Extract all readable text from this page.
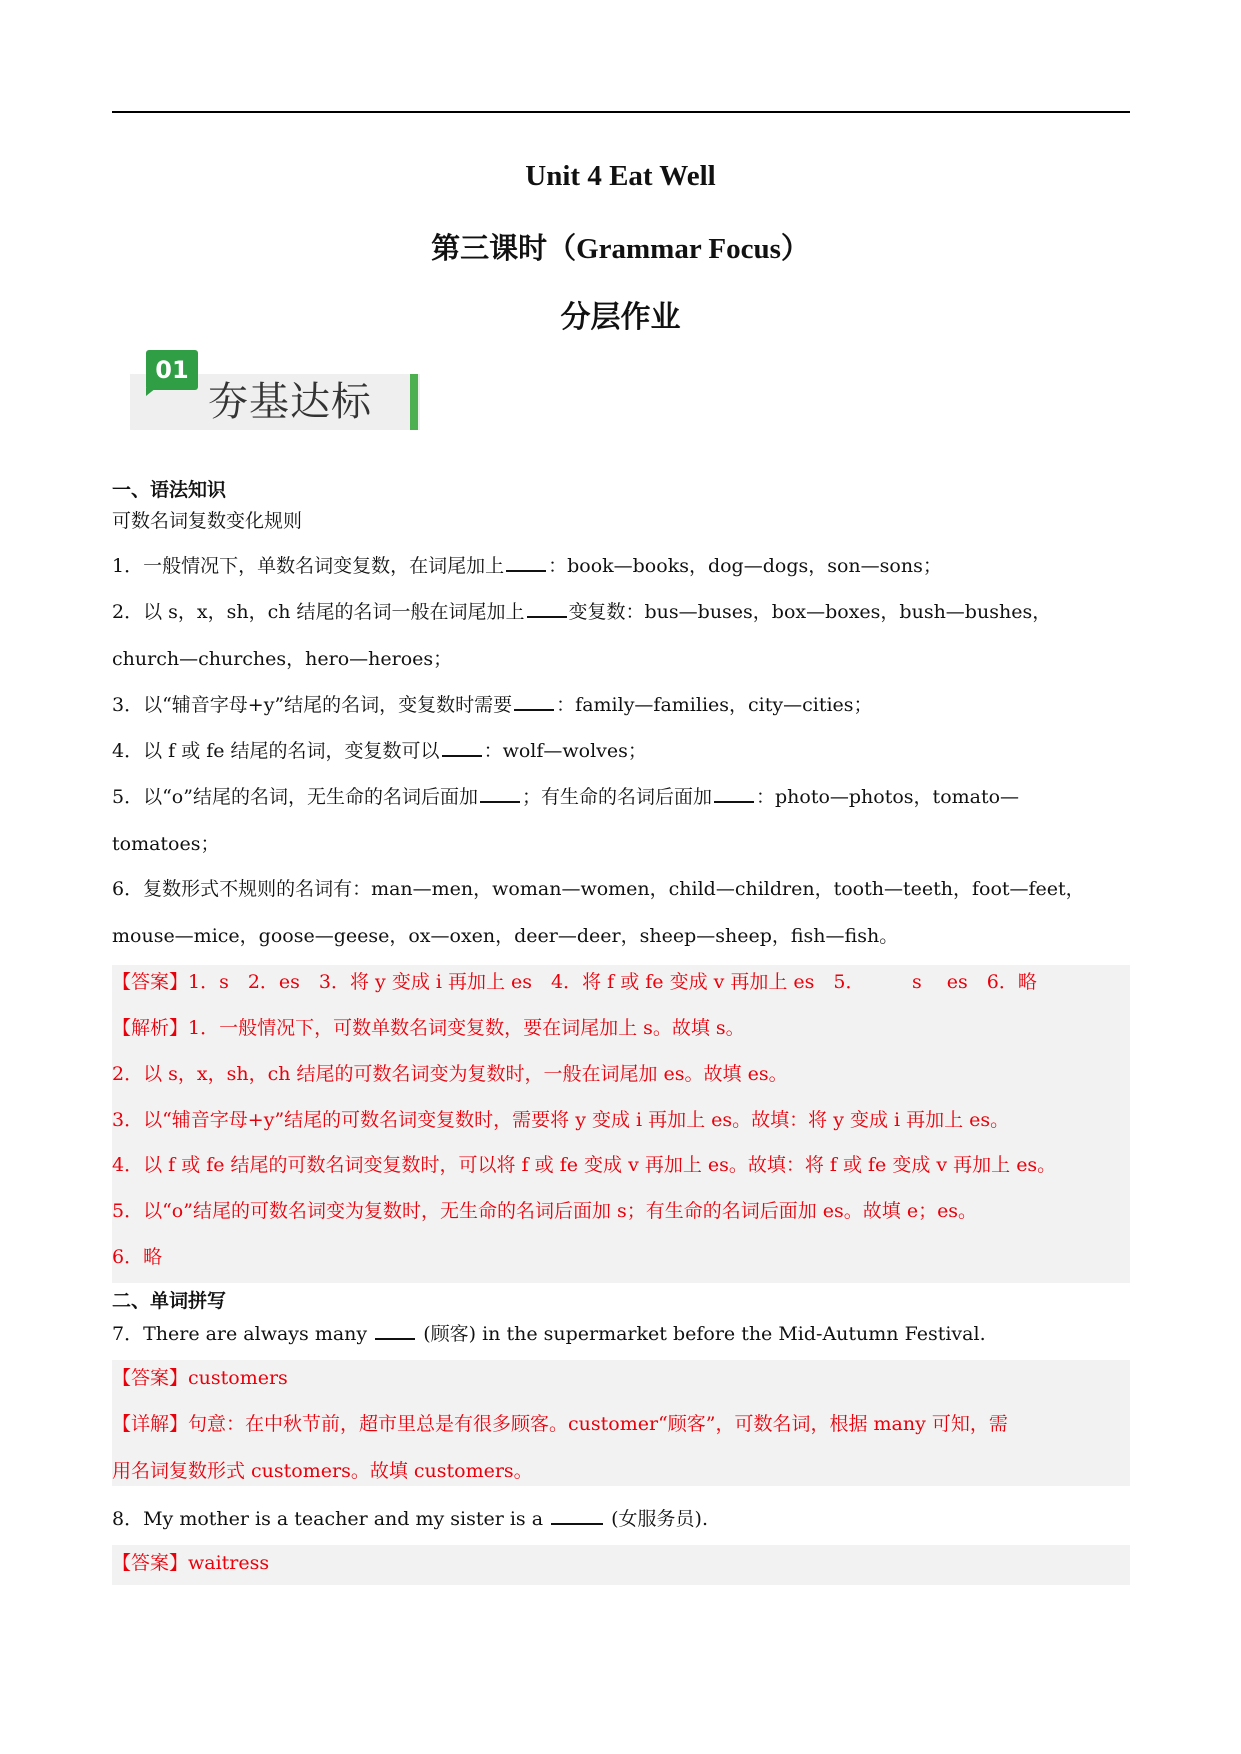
Unit 4 Eat Well
第三课时（Grammar Focus）
分层作业
01
夯基达标
一、语法知识
可数名词复数变化规则
1．一般情况下，单数名词变复数，在词尾加上 ：book—books，dog—dogs，son—sons；
2．以 s，x，sh，ch 结尾的名词一般在词尾加上 变复数：bus—buses，box—boxes，bush—bushes，
church—churches，hero—heroes；
3．以“辅音字母+y”结尾的名词，变复数时需要 ：family—families，city—cities；
4．以 f 或 fe 结尾的名词，变复数可以 ：wolf—wolves；
5．以“o”结尾的名词，无生命的名词后面加 ；有生命的名词后面加 ：photo—photos，tomato—
tomatoes；
6．复数形式不规则的名词有：man—men，woman—women，child—children，tooth—teeth，foot—feet，
mouse—mice，goose—geese，ox—oxen，deer—deer，sheep—sheep，fish—fish。
【答案】1．s　2．es　3．将 y 变成 i 再加上 es　4．将 f 或 fe 变成 v 再加上 es　5．　　　s　 es　6．略
【解析】1．一般情况下，可数单数名词变复数，要在词尾加上 s。故填 s。
2．以 s，x，sh，ch 结尾的可数名词变为复数时，一般在词尾加 es。故填 es。
3．以“辅音字母+y”结尾的可数名词变复数时，需要将 y 变成 i 再加上 es。故填：将 y 变成 i 再加上 es。
4．以 f 或 fe 结尾的可数名词变复数时，可以将 f 或 fe 变成 v 再加上 es。故填：将 f 或 fe 变成 v 再加上 es。
5．以“o”结尾的可数名词变为复数时，无生命的名词后面加 s；有生命的名词后面加 es。故填 e；es。
6．略
二、单词拼写
7．There are always many	(顾客) in the supermarket before the Mid-Autumn Festival.
【答案】customers
【详解】句意：在中秋节前，超市里总是有很多顾客。customer“顾客”，可数名词，根据 many 可知，需
用名词复数形式 customers。故填 customers。
8．My mother is a teacher and my sister is a	(女服务员).
【答案】waitress
